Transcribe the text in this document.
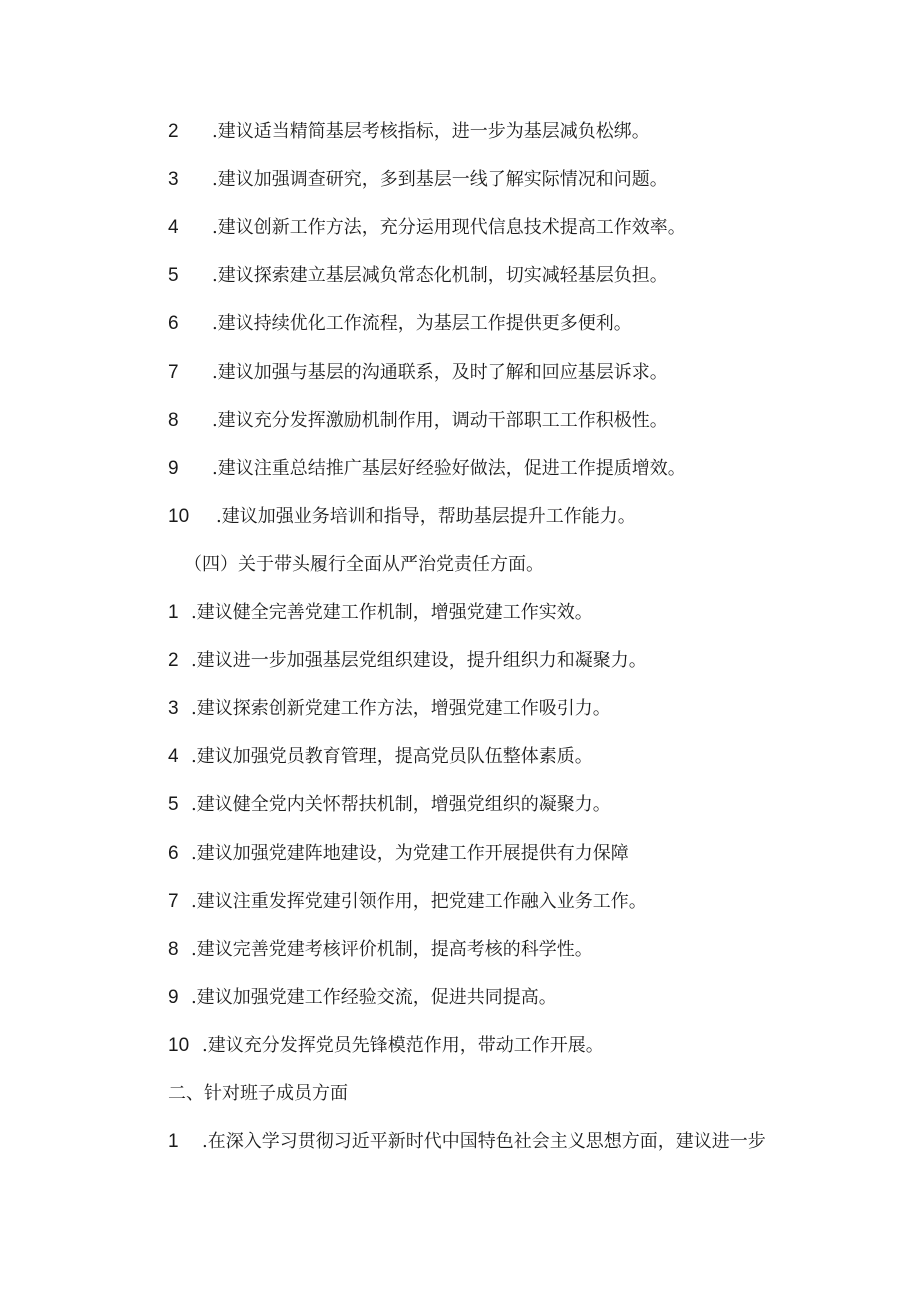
2 .建议适当精简基层考核指标，进一步为基层减负松绑。
3 .建议加强调查研究，多到基层一线了解实际情况和问题。
4 .建议创新工作方法，充分运用现代信息技术提高工作效率。
5 .建议探索建立基层减负常态化机制，切实减轻基层负担。
6 .建议持续优化工作流程，为基层工作提供更多便利。
7 .建议加强与基层的沟通联系，及时了解和回应基层诉求。
8 .建议充分发挥激励机制作用，调动干部职工工作积极性。
9 .建议注重总结推广基层好经验好做法，促进工作提质增效。
10 .建议加强业务培训和指导，帮助基层提升工作能力。
（四）关于带头履行全面从严治党责任方面。
1 .建议健全完善党建工作机制，增强党建工作实效。
2 .建议进一步加强基层党组织建设，提升组织力和凝聚力。
3 .建议探索创新党建工作方法，增强党建工作吸引力。
4 .建议加强党员教育管理，提高党员队伍整体素质。
5 .建议健全党内关怀帮扶机制，增强党组织的凝聚力。
6 .建议加强党建阵地建设，为党建工作开展提供有力保障
7 .建议注重发挥党建引领作用，把党建工作融入业务工作。
8 .建议完善党建考核评价机制，提高考核的科学性。
9 .建议加强党建工作经验交流，促进共同提高。
10 .建议充分发挥党员先锋模范作用，带动工作开展。
二、针对班子成员方面
1 .在深入学习贯彻习近平新时代中国特色社会主义思想方面，建议进一步
